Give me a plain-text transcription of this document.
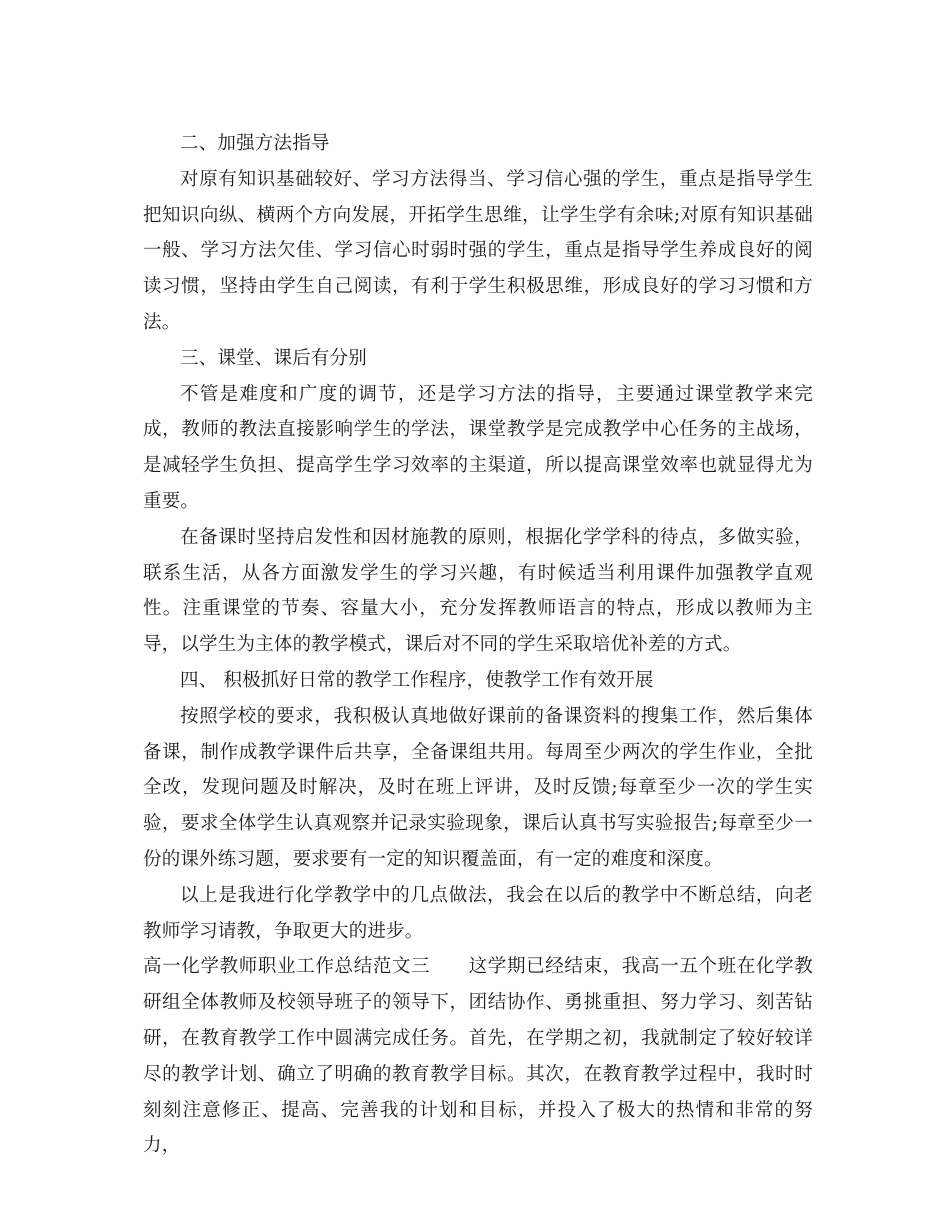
二、加强方法指导

对原有知识基础较好、学习方法得当、学习信心强的学生，重点是指导学生把知识向纵、横两个方向发展，开拓学生思维，让学生学有余味;对原有知识基础一般、学习方法欠佳、学习信心时弱时强的学生，重点是指导学生养成良好的阅读习惯，坚持由学生自己阅读，有利于学生积极思维，形成良好的学习习惯和方法。

三、课堂、课后有分别

不管是难度和广度的调节，还是学习方法的指导，主要通过课堂教学来完成，教师的教法直接影响学生的学法，课堂教学是完成教学中心任务的主战场，是减轻学生负担、提高学生学习效率的主渠道，所以提高课堂效率也就显得尤为重要。

在备课时坚持启发性和因材施教的原则，根据化学学科的待点，多做实验，联系生活，从各方面激发学生的学习兴趣，有时候适当利用课件加强教学直观性。注重课堂的节奏、容量大小，充分发挥教师语言的特点，形成以教师为主导，以学生为主体的教学模式，课后对不同的学生采取培优补差的方式。

四、 积极抓好日常的教学工作程序，使教学工作有效开展

按照学校的要求，我积极认真地做好课前的备课资料的搜集工作，然后集体备课，制作成教学课件后共享，全备课组共用。每周至少两次的学生作业，全批全改，发现问题及时解决，及时在班上评讲，及时反馈;每章至少一次的学生实验，要求全体学生认真观察并记录实验现象，课后认真书写实验报告;每章至少一份的课外练习题，要求要有一定的知识覆盖面，有一定的难度和深度。

以上是我进行化学教学中的几点做法，我会在以后的教学中不断总结，向老教师学习请教，争取更大的进步。

高一化学教师职业工作总结范文三　　这学期已经结束，我高一五个班在化学教研组全体教师及校领导班子的领导下，团结协作、勇挑重担、努力学习、刻苦钻研，在教育教学工作中圆满完成任务。首先，在学期之初，我就制定了较好较详尽的教学计划、确立了明确的教育教学目标。其次，在教育教学过程中，我时时刻刻注意修正、提高、完善我的计划和目标，并投入了极大的热情和非常的努力，
